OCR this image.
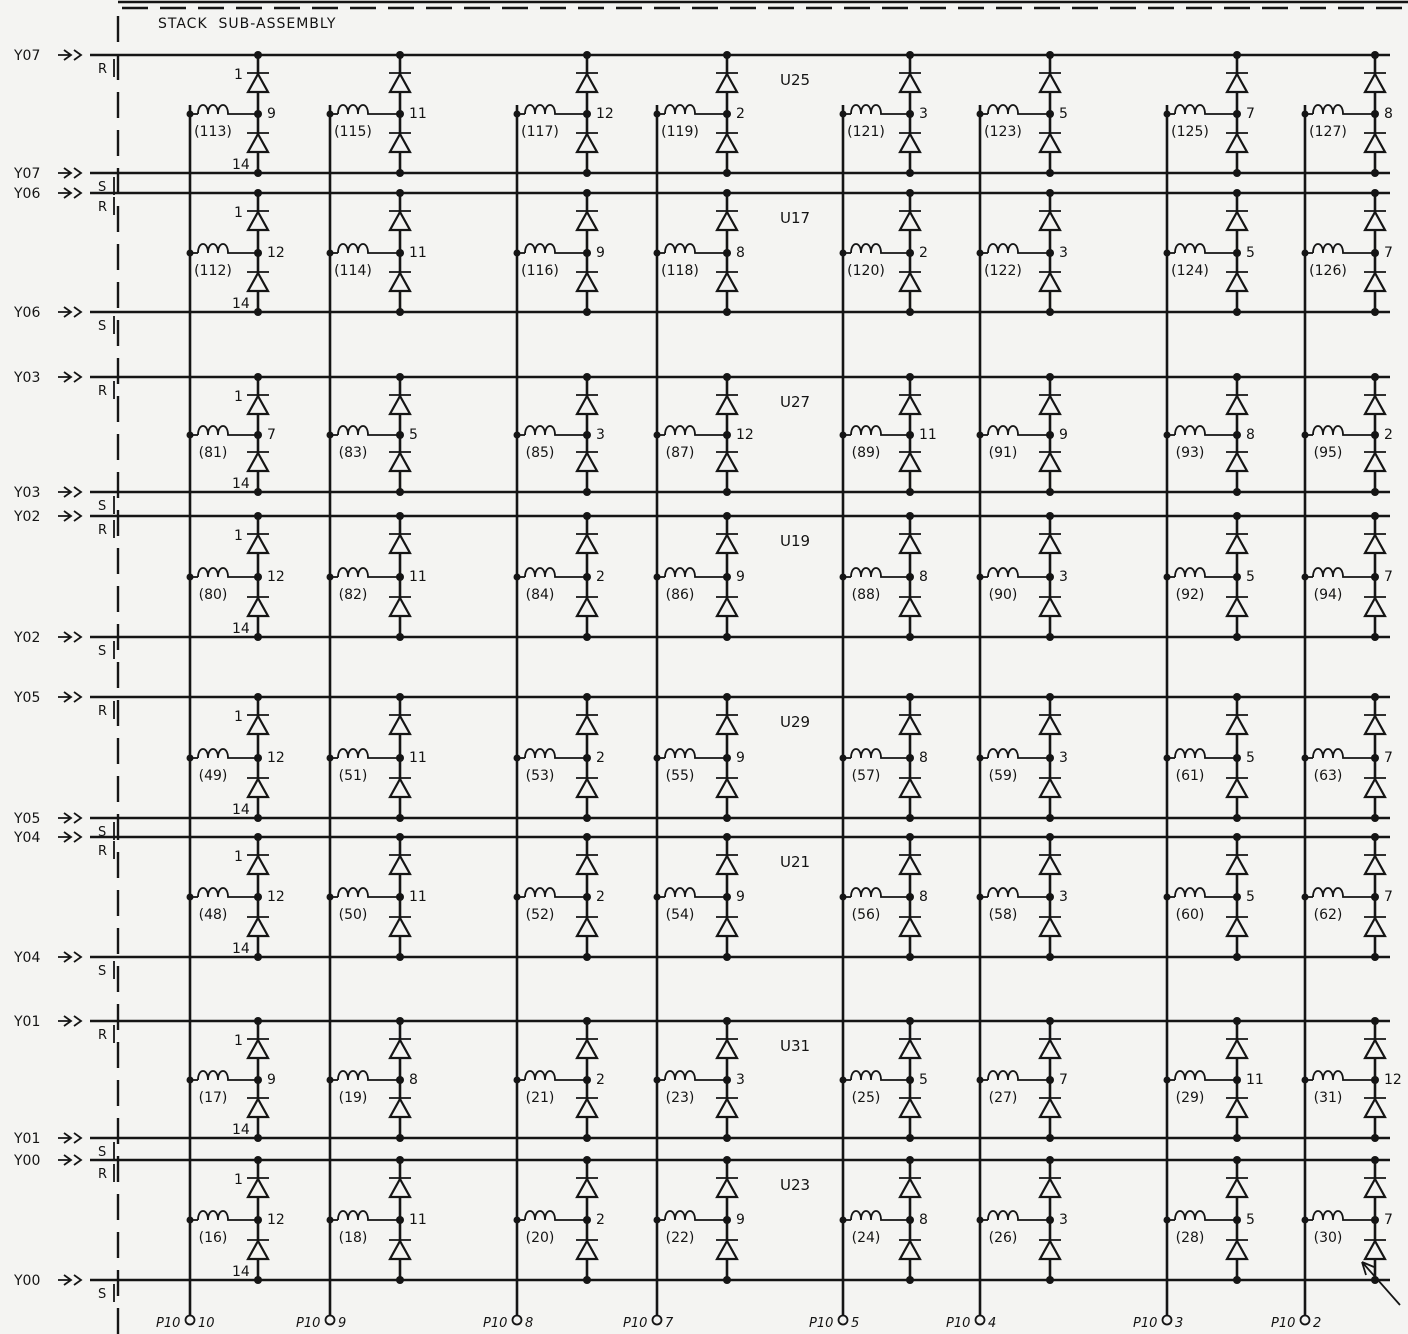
STACK  SUB-ASSEMBLY
P10 10	P10 9	P10 8	P10 7	P10 5	P10 4	P10 3	P10 2
Y07
R
Y07
S
U25
9
(113)
1
14
11
(115)
12
(117)
2
(119)
3
(121)
5
(123)
7
(125)
8
(127)
Y06
R
Y06
S
U17
12
(112)
1
14
11
(114)
9
(116)
8
(118)
2
(120)
3
(122)
5
(124)
7
(126)
Y03
R
Y03
S
U27
7
(81)
1
14
5
(83)
3
(85)
12
(87)
11
(89)
9
(91)
8
(93)
2
(95)
Y02
R
Y02
S
U19
12
(80)
1
14
11
(82)
2
(84)
9
(86)
8
(88)
3
(90)
5
(92)
7
(94)
Y05
R
Y05
S
U29
12
(49)
1
14
11
(51)
2
(53)
9
(55)
8
(57)
3
(59)
5
(61)
7
(63)
Y04
R
Y04
S
U21
12
(48)
1
14
11
(50)
2
(52)
9
(54)
8
(56)
3
(58)
5
(60)
7
(62)
Y01
R
Y01
S
U31
9
(17)
1
14
8
(19)
2
(21)
3
(23)
5
(25)
7
(27)
11
(29)
12
(31)
Y00
R
Y00
S
U23
12
(16)
1
14
11
(18)
2
(20)
9
(22)
8
(24)
3
(26)
5
(28)
7
(30)
